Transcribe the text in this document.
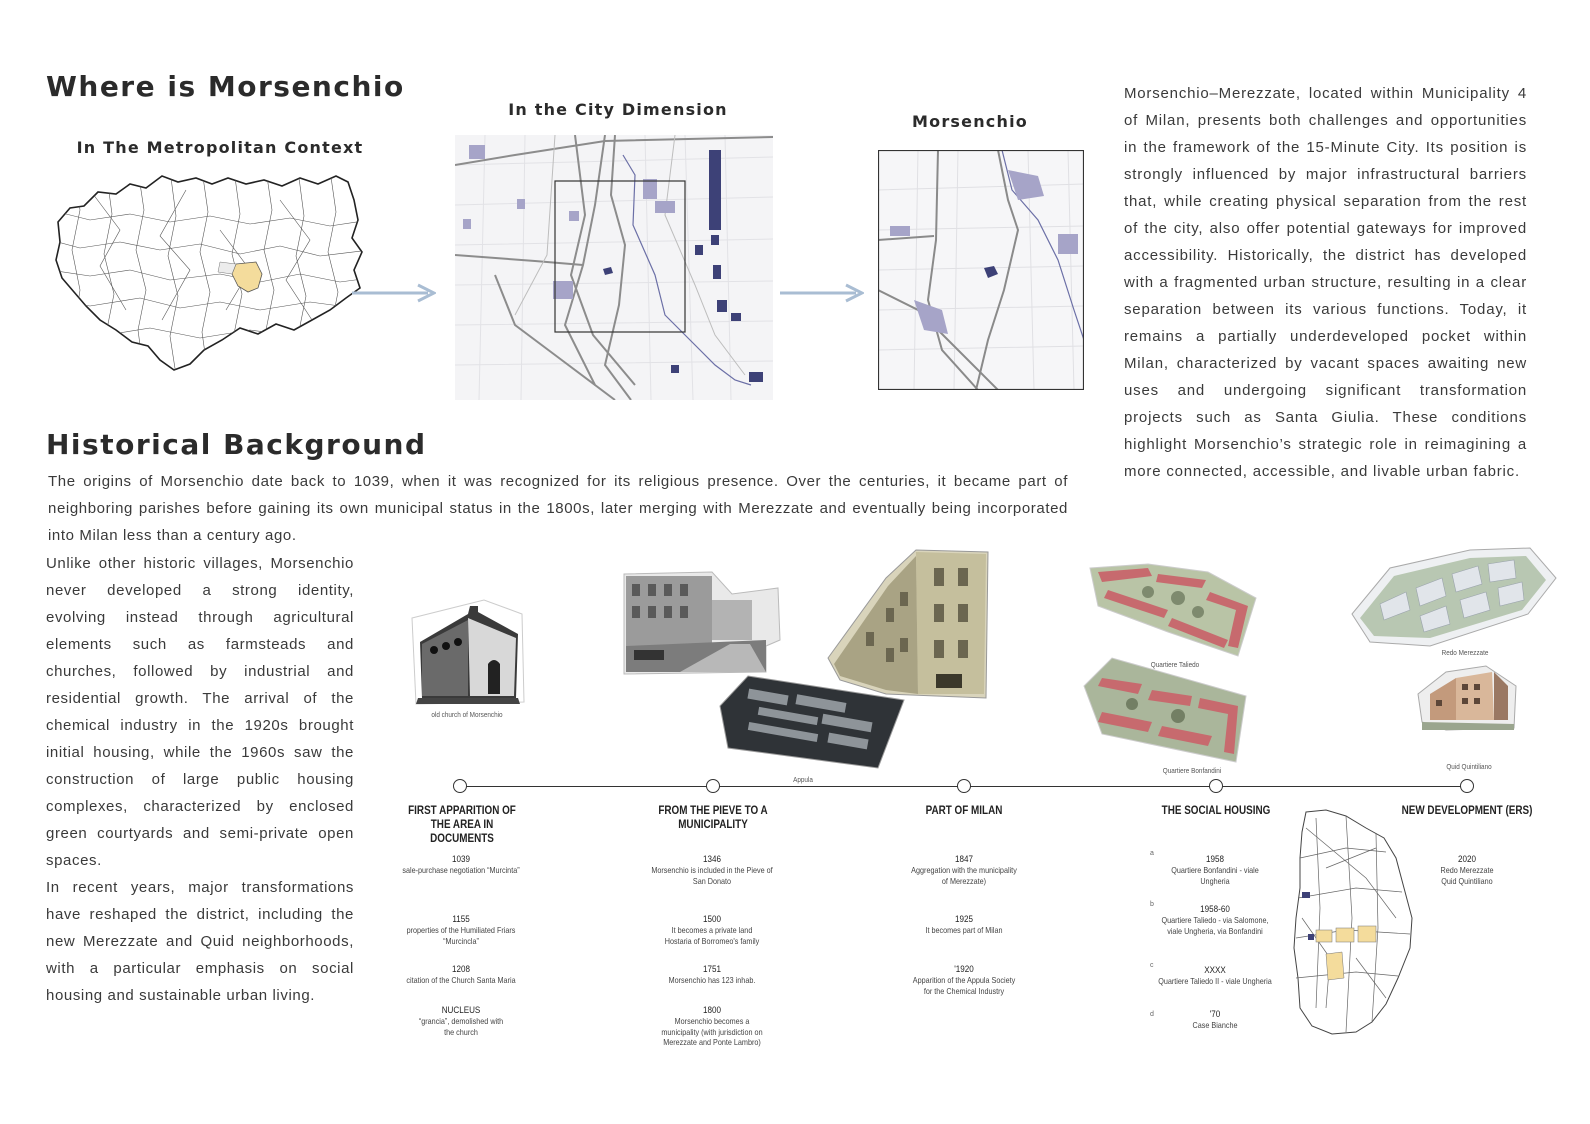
Where is Morsenchio
In The Metropolitan Context
In the City Dimension
Morsenchio

Morsenchio–Merezzate, located within Municipality 4 of Milan, presents both challenges and opportunities in the framework of the 15-Minute City. Its position is strongly influenced by major infrastructural barriers that, while creating physical separation from the rest of the city, also offer potential gateways for improved accessibility. Historically, the district has developed with a fragmented urban structure, resulting in a clear separation between its various functions. Today, it remains a partially underdeveloped pocket within Milan, characterized by vacant spaces awaiting new uses and undergoing significant transformation projects such as Santa Giulia. These conditions highlight Morsenchio’s strategic role in reimagining a more connected, accessible, and livable urban fabric.

Historical Background

The origins of Morsenchio date back to 1039, when it was recognized for its religious presence. Over the centuries, it became part of neighboring parishes before gaining its own municipal status in the 1800s, later merging with Merezzate and eventually being incorporated into Milan less than a century ago.

Unlike other historic villages, Morsenchio never developed a strong identity, evolving instead through agricultural elements such as farmsteads and churches, followed by industrial and residential growth. The arrival of the chemical industry in the 1920s brought initial housing, while the 1960s saw the construction of large public housing complexes, characterized by enclosed green courtyards and semi-private open spaces.

In recent years, major transformations have reshaped the district, including the new Merezzate and Quid neighborhoods, with a particular emphasis on social housing and sustainable urban living.

old church of Morsenchio
Appula
Quartiere Taliedo
Quartiere Bonfandini
Redo Merezzate
Quid Quintiliano
FIRST APPARITION OF THE AREA IN DOCUMENTS
FROM THE PIEVE TO A MUNICIPALITY
PART OF MILAN	THE SOCIAL HOUSING	NEW DEVELOPMENT (ERS)
1039
sale-purchase negotiation “Murcinta”
1155
properties of the Humiliated Friars “Murcincla”
1208
citation of the Church Santa Maria
NUCLEUS
“grancia”, demolished with the church
1346
Morsenchio is included in the Pieve of San Donato
1500
It becomes a private land Hostaria of Borromeo's family
1751
Morsenchio has 123 inhab.
1800
Morsenchio becomes a municipality (with jurisdiction on Merezzate and Ponte Lambro)
1847
Aggregation with the municipality of Merezzate)
1925
It becomes part of Milan
'1920
Apparition of the Appula Society for the Chemical Industry
a
1958
Quartiere Bonfandini - viale Ungheria
b	1958-60
Quartiere Taliedo - via Salomone, viale Ungheria, via Bonfandini
c	XXXX
Quartiere Taliedo II - viale Ungheria
d	'70
Case Bianche
2020
Redo Merezzate Quid Quintiliano
